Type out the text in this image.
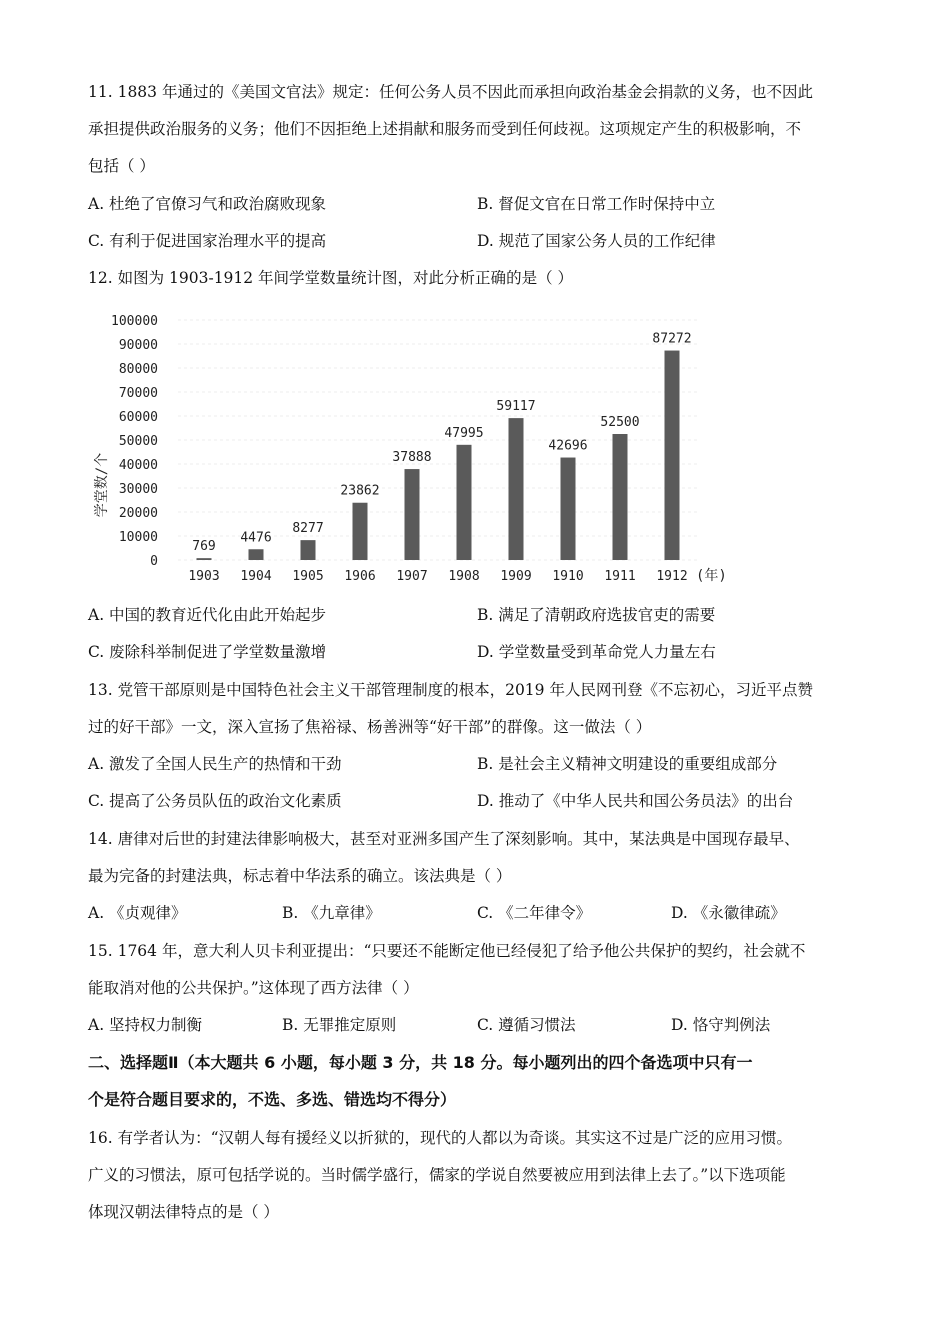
11. 1883 年通过的《美国文官法》规定：任何公务人员不因此而承担向政治基金会捐款的义务，也不因此
承担提供政治服务的义务；他们不因拒绝上述捐献和服务而受到任何歧视。这项规定产生的积极影响，不
包括（ ）
A. 杜绝了官僚习气和政治腐败现象	B. 督促文官在日常工作时保持中立
C. 有利于促进国家治理水平的提高	D. 规范了国家公务人员的工作纪律
12. 如图为 1903-1912 年间学堂数量统计图，对此分析正确的是（ ）
0
10000
20000
30000
40000
50000
60000
70000
80000
90000
100000
769
4476
8277
23862
37888
47995
59117
42696
52500
87272
1903 1904 1905 1906 1907 1908 1909 1910 1911 1912
学堂数/个
(年)
A. 中国的教育近代化由此开始起步	B. 满足了清朝政府选拔官吏的需要
C. 废除科举制促进了学堂数量激增	D. 学堂数量受到革命党人力量左右
13. 党管干部原则是中国特色社会主义干部管理制度的根本，2019 年人民网刊登《不忘初心，习近平点赞
过的好干部》一文，深入宣扬了焦裕禄、杨善洲等“好干部”的群像。这一做法（ ）
A. 激发了全国人民生产的热情和干劲	B. 是社会主义精神文明建设的重要组成部分
C. 提高了公务员队伍的政治文化素质	D. 推动了《中华人民共和国公务员法》的出台
14. 唐律对后世的封建法律影响极大，甚至对亚洲多国产生了深刻影响。其中，某法典是中国现存最早、
最为完备的封建法典，标志着中华法系的确立。该法典是（ ）
A. 《贞观律》	B. 《九章律》	C. 《二年律令》	D. 《永徽律疏》
15. 1764 年，意大利人贝卡利亚提出：“只要还不能断定他已经侵犯了给予他公共保护的契约，社会就不
能取消对他的公共保护。”这体现了西方法律（ ）
A. 坚持权力制衡	B. 无罪推定原则	C. 遵循习惯法	D. 恪守判例法
二、选择题Ⅱ（本大题共 6 小题，每小题 3 分，共 18 分。每小题列出的四个备选项中只有一
个是符合题目要求的，不选、多选、错选均不得分）
16. 有学者认为：“汉朝人每有援经义以折狱的，现代的人都以为奇谈。其实这不过是广泛的应用习惯。
广义的习惯法，原可包括学说的。当时儒学盛行，儒家的学说自然要被应用到法律上去了。”以下选项能
体现汉朝法律特点的是（ ）
